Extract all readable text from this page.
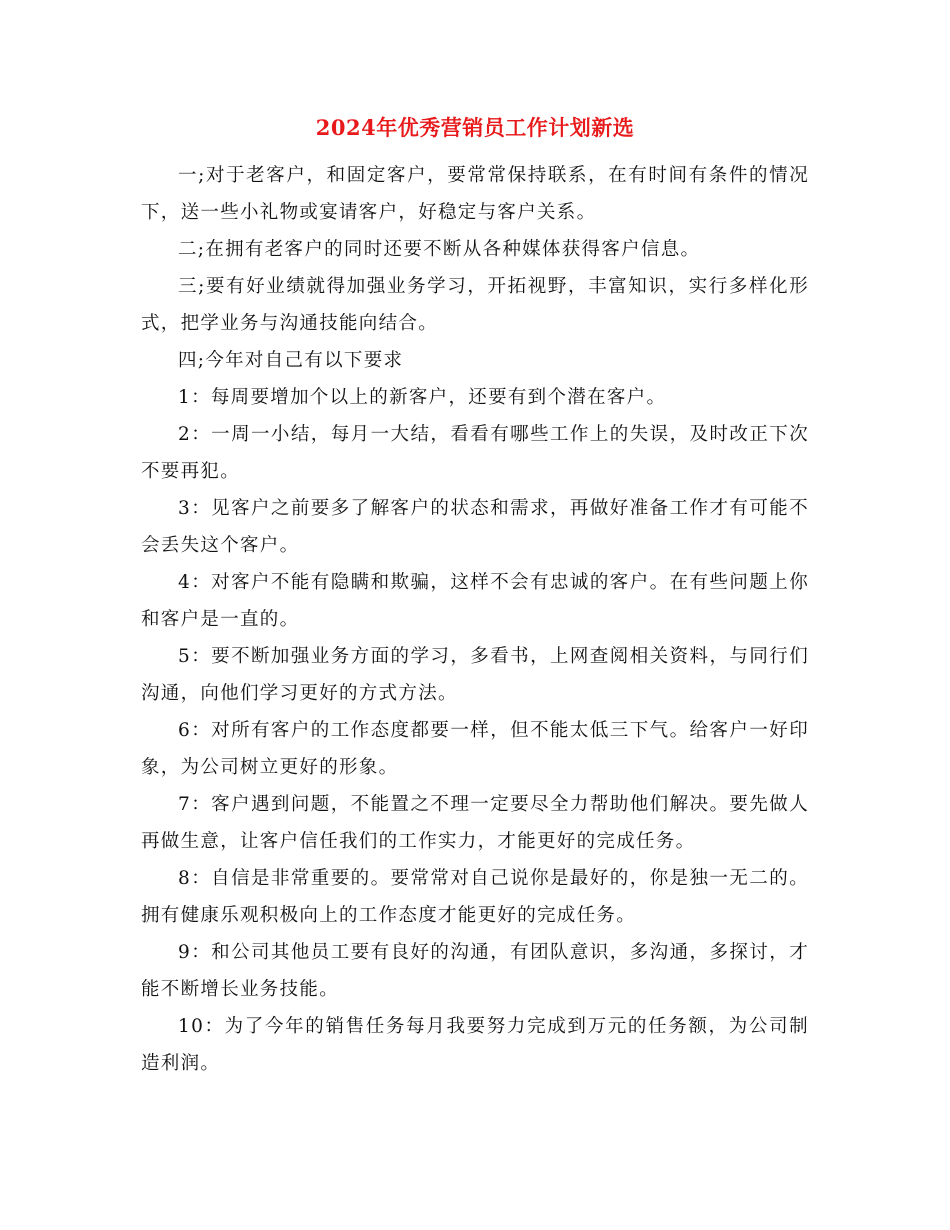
2024年优秀营销员工作计划新选

一;对于老客户，和固定客户，要常常保持联系，在有时间有条件的情况下，送一些小礼物或宴请客户，好稳定与客户关系。

二;在拥有老客户的同时还要不断从各种媒体获得客户信息。

三;要有好业绩就得加强业务学习，开拓视野，丰富知识，实行多样化形式，把学业务与沟通技能向结合。

四;今年对自己有以下要求

1：每周要增加个以上的新客户，还要有到个潜在客户。

2：一周一小结，每月一大结，看看有哪些工作上的失误，及时改正下次不要再犯。

3：见客户之前要多了解客户的状态和需求，再做好准备工作才有可能不会丢失这个客户。

4：对客户不能有隐瞒和欺骗，这样不会有忠诚的客户。在有些问题上你和客户是一直的。

5：要不断加强业务方面的学习，多看书，上网查阅相关资料，与同行们沟通，向他们学习更好的方式方法。

6：对所有客户的工作态度都要一样，但不能太低三下气。给客户一好印象，为公司树立更好的形象。

7：客户遇到问题，不能置之不理一定要尽全力帮助他们解决。要先做人再做生意，让客户信任我们的工作实力，才能更好的完成任务。

8：自信是非常重要的。要常常对自己说你是最好的，你是独一无二的。拥有健康乐观积极向上的工作态度才能更好的完成任务。

9：和公司其他员工要有良好的沟通，有团队意识，多沟通，多探讨，才能不断增长业务技能。

10：为了今年的销售任务每月我要努力完成到万元的任务额，为公司制造利润。
